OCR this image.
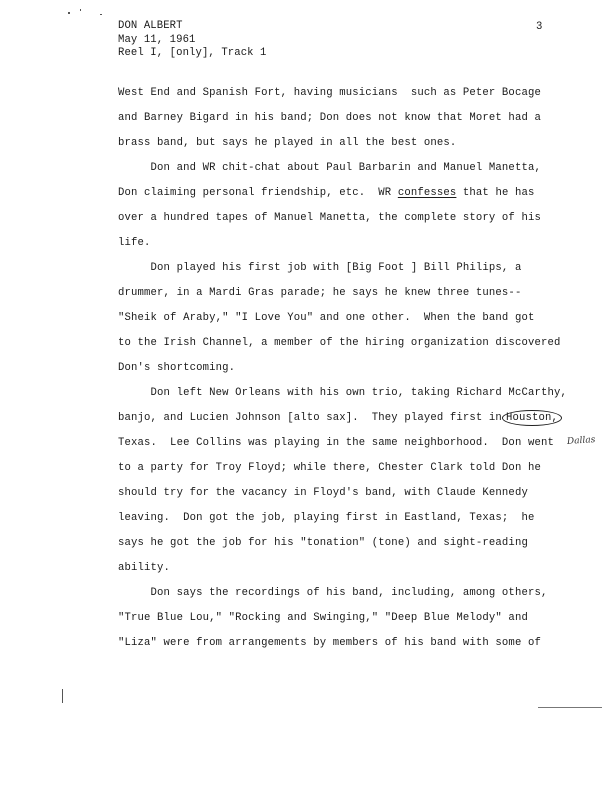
DON ALBERT
May 11, 1961
Reel I, [only], Track 1
3
West End and Spanish Fort, having musicians  such as Peter Bocage
and Barney Bigard in his band; Don does not know that Moret had a
brass band, but says he played in all the best ones.
Don and WR chit-chat about Paul Barbarin and Manuel Manetta,
Don claiming personal friendship, etc.  WR confesses that he has
over a hundred tapes of Manuel Manetta, the complete story of his
life.
Don played his first job with [Big Foot ] Bill Philips, a
drummer, in a Mardi Gras parade; he says he knew three tunes--
"Sheik of Araby," "I Love You" and one other.  When the band got
to the Irish Channel, a member of the hiring organization discovered
Don's shortcoming.
Don left New Orleans with his own trio, taking Richard McCarthy,
banjo, and Lucien Johnson [alto sax].  They played first in Houston,
Dallas
Texas.  Lee Collins was playing in the same neighborhood.  Don went
to a party for Troy Floyd; while there, Chester Clark told Don he
should try for the vacancy in Floyd's band, with Claude Kennedy
leaving.  Don got the job, playing first in Eastland, Texas;  he
says he got the job for his "tonation" (tone) and sight-reading
ability.
Don says the recordings of his band, including, among others,
"True Blue Lou," "Rocking and Swinging," "Deep Blue Melody" and
"Liza" were from arrangements by members of his band with some of
